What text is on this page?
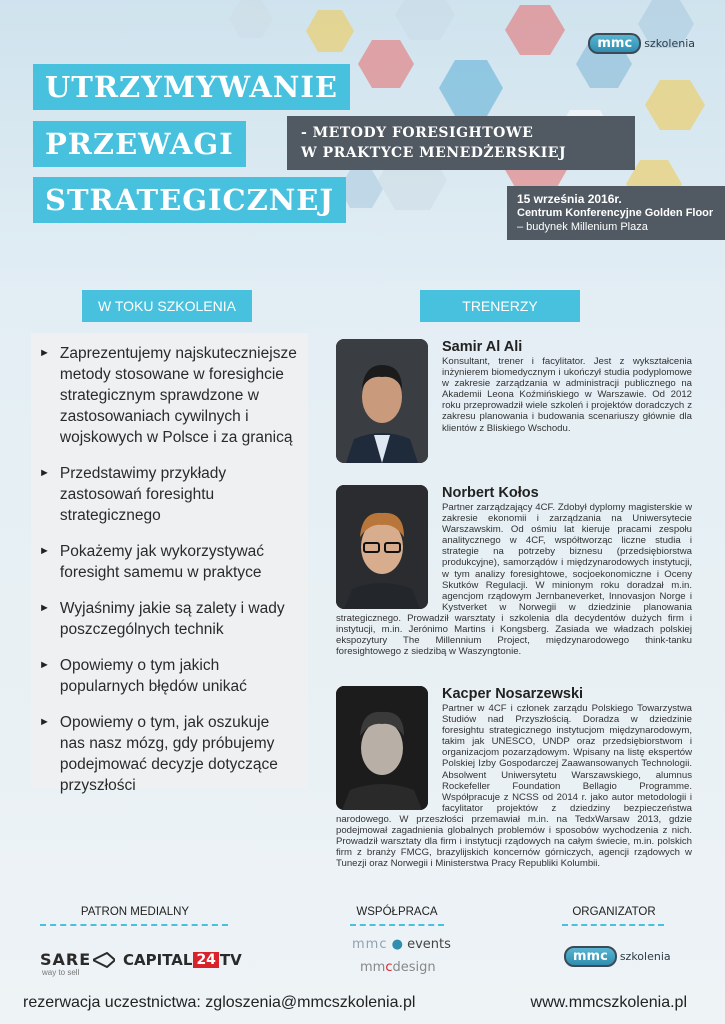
mmc	szkolenia
UTRZYMYWANIE
PRZEWAGI
STRATEGICZNEJ
- METODY FORESIGHTOWE
W PRAKTYCE MENEDŻERSKIEJ
15 września 2016r.
Centrum Konferencyjne Golden Floor – budynek Millenium Plaza
W TOKU SZKOLENIA	TRENERZY
► Zaprezentujemy najskuteczniejsze metody stosowane w foresighcie strategicznym sprawdzone w zastosowaniach cywilnych i wojskowych w Polsce i za granicą
► Przedstawimy przykłady zastosowań foresightu strategicznego
► Pokażemy jak wykorzystywać foresight samemu w praktyce
► Wyjaśnimy jakie są zalety i wady poszczególnych technik
► Opowiemy o tym jakich popularnych błędów unikać
► Opowiemy o tym, jak oszukuje nas nasz mózg, gdy próbujemy podejmować decyzje dotyczące przyszłości
Samir Al Ali
Konsultant, trener i facylitator. Jest z wykształcenia inżynierem biomedycznym i ukończył studia podyplomowe w zakresie zarządzania w administracji publicznego na Akademii Leona Koźmińskiego w Warszawie. Od 2012 roku przeprowadził wiele szkoleń i projektów doradczych z zakresu planowania i budowania scenariuszy głównie dla klientów z Bliskiego Wschodu.
Norbert Kołos
Partner zarządzający 4CF. Zdobył dyplomy magisterskie w zakresie ekonomii i zarządzania na Uniwersytecie Warszawskim. Od ośmiu lat kieruje pracami zespołu analitycznego w 4CF, współtworząc liczne studia i strategie na potrzeby biznesu (przedsiębiorstwa produkcyjne), samorządów i międzynarodowych instytucji, w tym analizy foresightowe, socjoekonomiczne i Oceny Skutków Regulacji. W minionym roku doradzał m.in. agencjom rządowym Jernbaneverket, Innovasjon Norge i Kystverket w Norwegii w dziedzinie planowania strategicznego. Prowadził warsztaty i szkolenia dla decydentów dużych firm i instytucji, m.in. Jerónimo Martins i Kongsberg. Zasiada we władzach polskiej ekspozytury The Millennium Project, międzynarodowego think-tanku foresightowego z siedzibą w Waszyngtonie.
Kacper Nosarzewski
Partner w 4CF i członek zarządu Polskiego Towarzystwa Studiów nad Przyszłością. Doradza w dziedzinie foresightu strategicznego instytucjom międzynarodowym, takim jak UNESCO, UNDP oraz przedsiębiorstwom i organizacjom pozarządowym. Wpisany na listę ekspertów Polskiej Izby Gospodarczej Zaawansowanych Technologii. Absolwent Uniwersytetu Warszawskiego, alumnus Rockefeller Foundation Bellagio Programme. Współpracuje z NCSS od 2014 r. jako autor metodologii i facylitator projektów z dziedziny bezpieczeństwa narodowego. W przeszłości przemawiał m.in. na TedxWarsaw 2013, gdzie podejmował zagadnienia globalnych problemów i sposobów wychodzenia z nich. Prowadził warsztaty dla firm i instytucji rządowych na całym świecie, m.in. polskich firm z branży FMCG, brazylijskich koncernów górniczych, agencji rządowych w Tunezji oraz Norwegii i Ministerstwa Pracy Republiki Kolumbii.
PATRON MEDIALNY	WSPÓŁPRACA	ORGANIZATOR
SARE
way to sell
CAPITAL 24 TV
mmc ● events
mmcdesign
mmc	szkolenia
rezerwacja uczestnictwa: zgloszenia@mmcszkolenia.pl	www.mmcszkolenia.pl
